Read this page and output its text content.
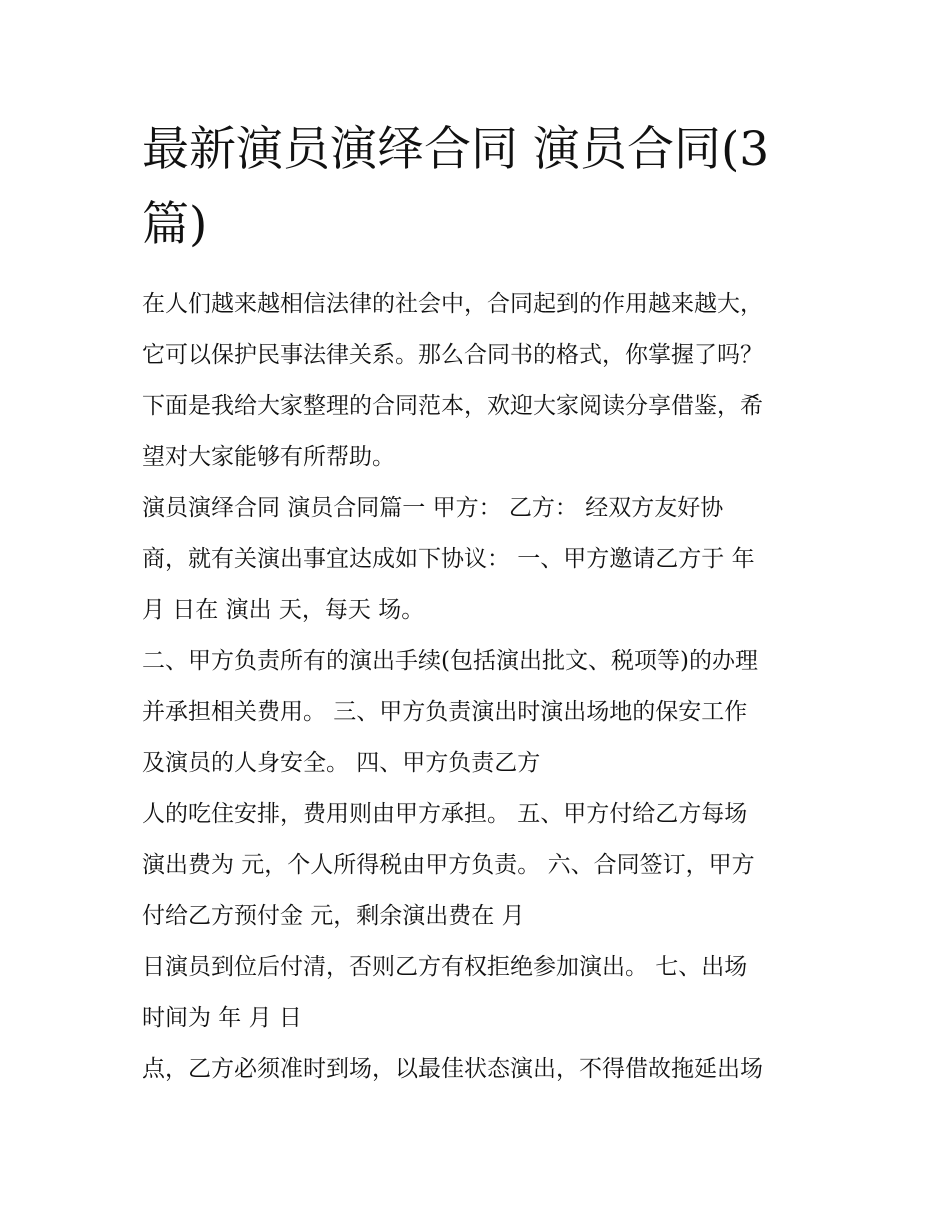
最新演员演绎合同 演员合同(3
篇)
在人们越来越相信法律的社会中，合同起到的作用越来越大，
它可以保护民事法律关系。那么合同书的格式，你掌握了吗？
下面是我给大家整理的合同范本，欢迎大家阅读分享借鉴，希
望对大家能够有所帮助。
演员演绎合同 演员合同篇一 甲方： 乙方： 经双方友好协
商，就有关演出事宜达成如下协议： 一、甲方邀请乙方于 年
月 日在 演出 天，每天 场。
二、甲方负责所有的演出手续(包括演出批文、税项等)的办理
并承担相关费用。 三、甲方负责演出时演出场地的保安工作
及演员的人身安全。 四、甲方负责乙方
人的吃住安排，费用则由甲方承担。 五、甲方付给乙方每场
演出费为 元，个人所得税由甲方负责。 六、合同签订，甲方
付给乙方预付金 元，剩余演出费在 月
日演员到位后付清，否则乙方有权拒绝参加演出。 七、出场
时间为 年 月 日
点，乙方必须准时到场，以最佳状态演出，不得借故拖延出场
